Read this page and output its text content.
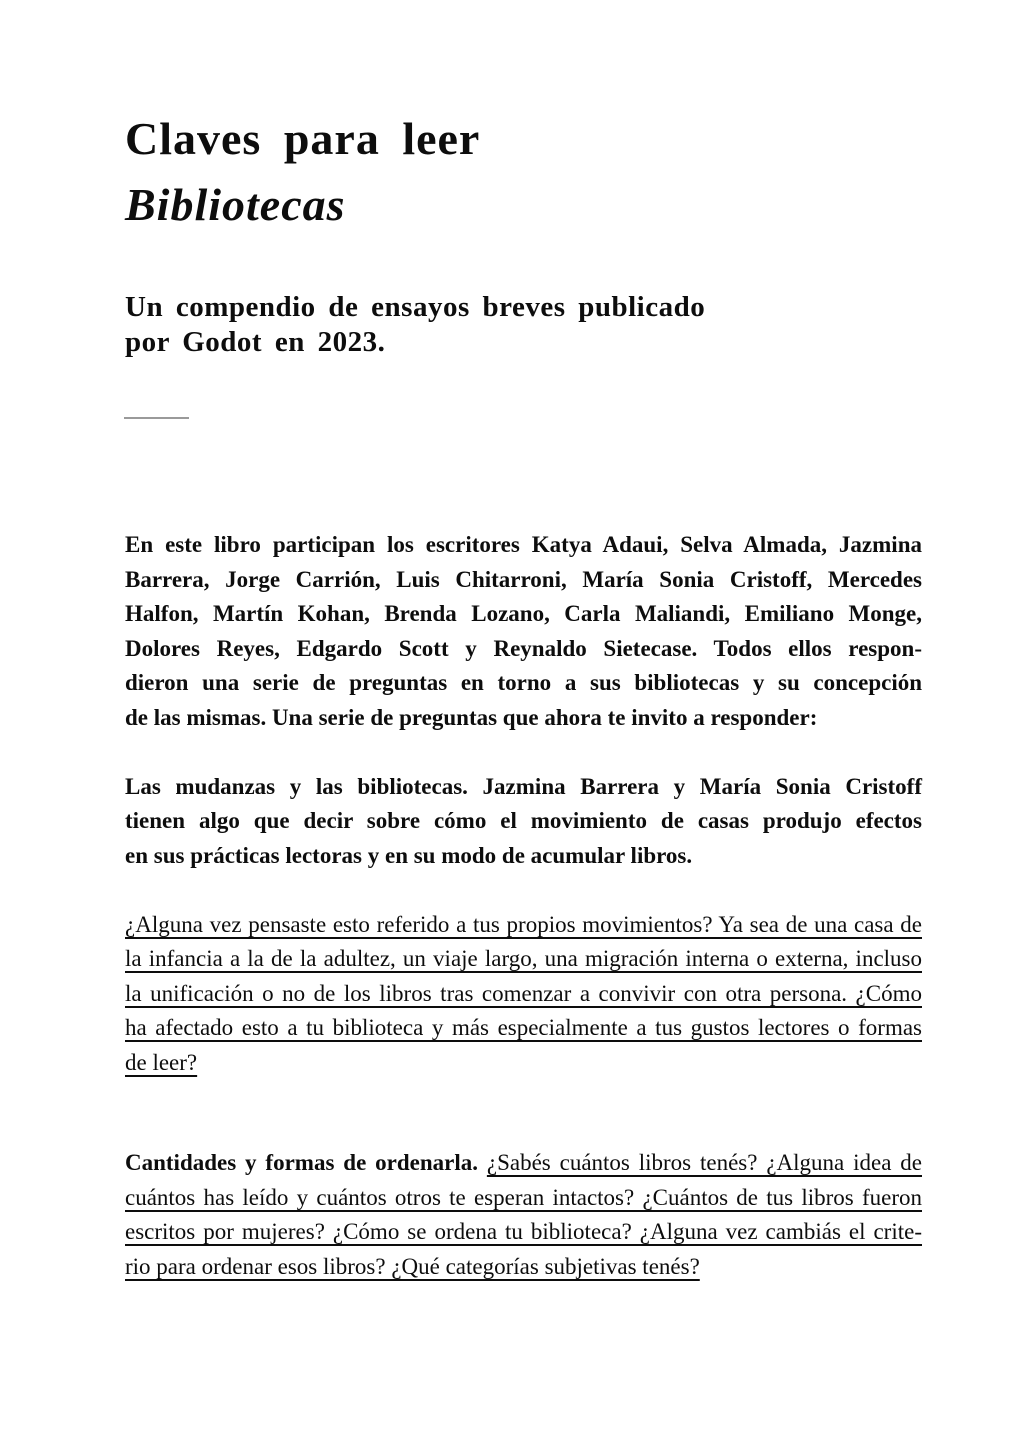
Claves para leer
Bibliotecas
Un compendio de ensayos breves publicado
por Godot en 2023.
En este libro participan los escritores Katya Adaui, Selva Almada, Jazmina
Barrera, Jorge Carrión, Luis Chitarroni, María Sonia Cristoff, Mercedes
Halfon, Martín Kohan, Brenda Lozano, Carla Maliandi, Emiliano Monge,
Dolores Reyes, Edgardo Scott y Reynaldo Sietecase. Todos ellos respon-
dieron una serie de preguntas en torno a sus bibliotecas y su concepción
de las mismas. Una serie de preguntas que ahora te invito a responder:
Las mudanzas y las bibliotecas. Jazmina Barrera y María Sonia Cristoff
tienen algo que decir sobre cómo el movimiento de casas produjo efectos
en sus prácticas lectoras y en su modo de acumular libros.
¿Alguna vez pensaste esto referido a tus propios movimientos? Ya sea de una casa de
la infancia a la de la adultez, un viaje largo, una migración interna o externa, incluso
la unificación o no de los libros tras comenzar a convivir con otra persona. ¿Cómo
ha afectado esto a tu biblioteca y más especialmente a tus gustos lectores o formas
de leer?
Cantidades y formas de ordenarla. ¿Sabés cuántos libros tenés? ¿Alguna idea de
cuántos has leído y cuántos otros te esperan intactos? ¿Cuántos de tus libros fueron
escritos por mujeres? ¿Cómo se ordena tu biblioteca? ¿Alguna vez cambiás el crite-
rio para ordenar esos libros? ¿Qué categorías subjetivas tenés?
